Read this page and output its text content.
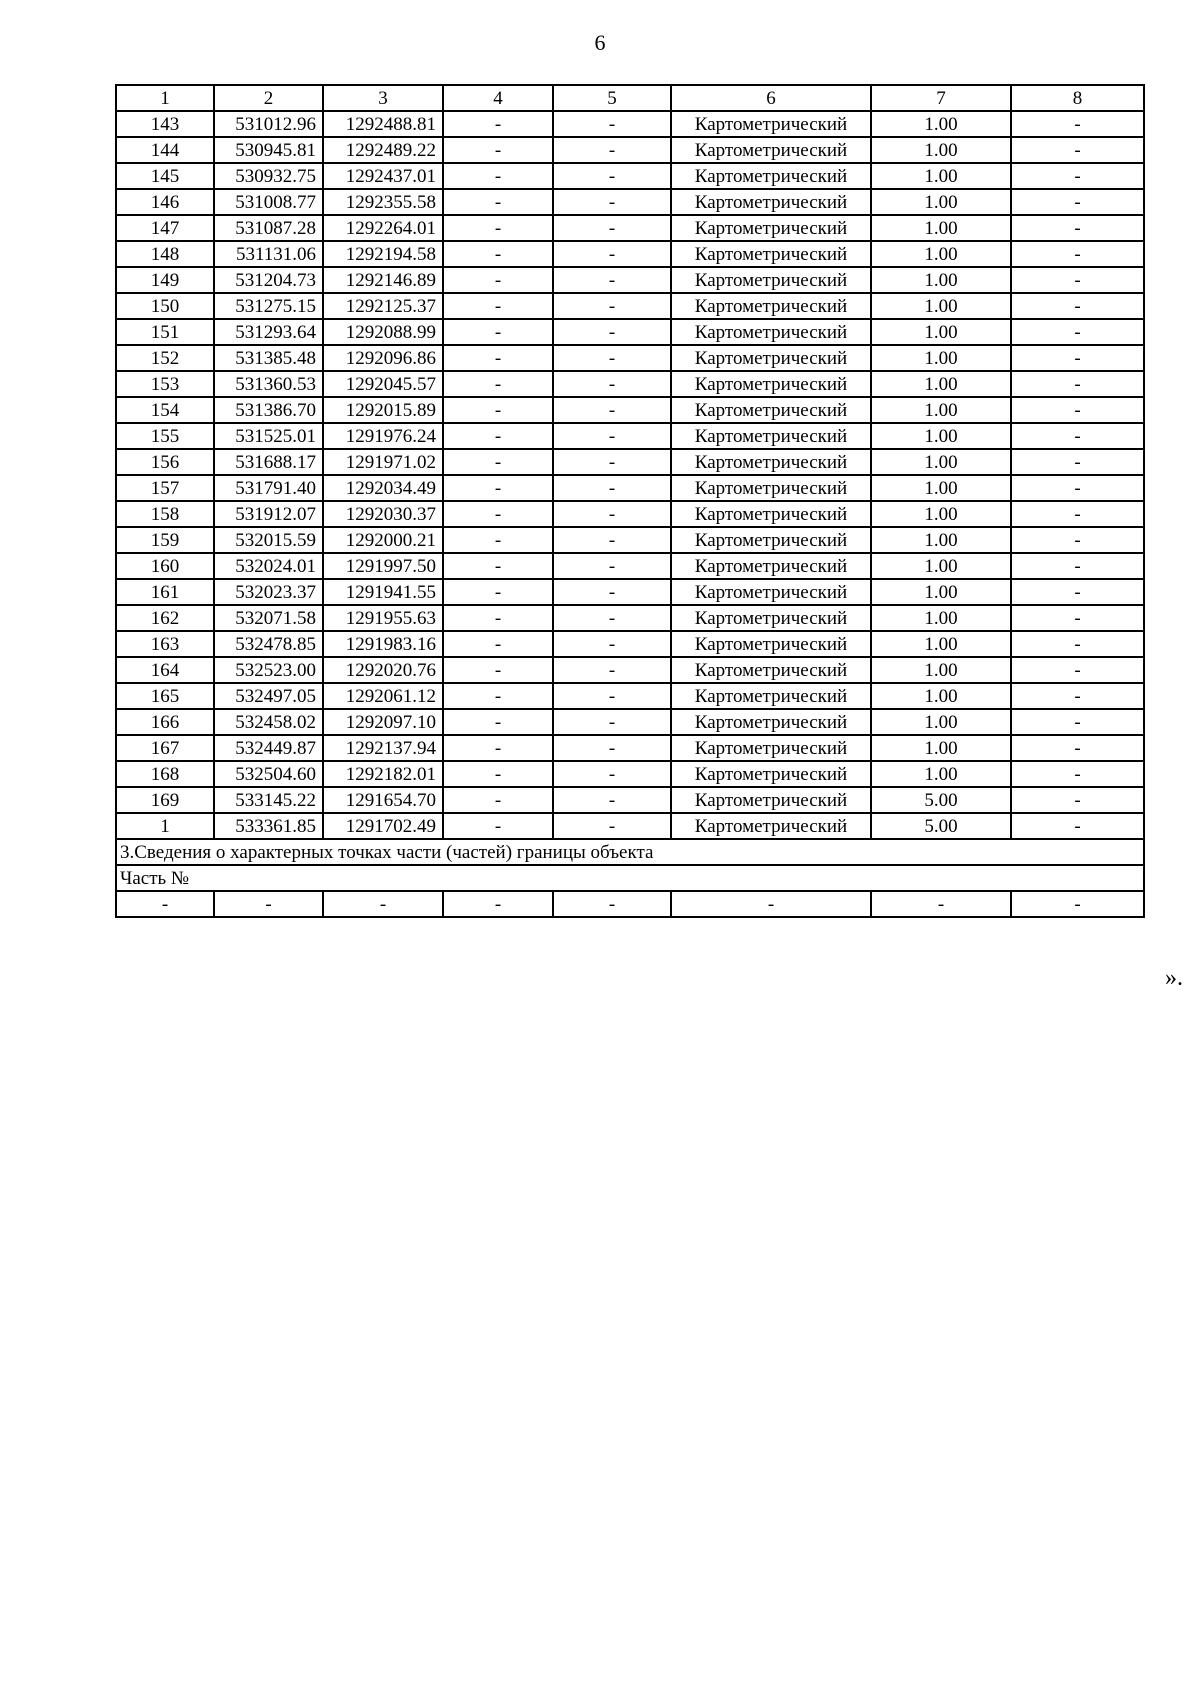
6
1	2	3	4	5	6	7	8
143	531012.96	1292488.81	-	-	Картометрический	1.00	-
144	530945.81	1292489.22	-	-	Картометрический	1.00	-
145	530932.75	1292437.01	-	-	Картометрический	1.00	-
146	531008.77	1292355.58	-	-	Картометрический	1.00	-
147	531087.28	1292264.01	-	-	Картометрический	1.00	-
148	531131.06	1292194.58	-	-	Картометрический	1.00	-
149	531204.73	1292146.89	-	-	Картометрический	1.00	-
150	531275.15	1292125.37	-	-	Картометрический	1.00	-
151	531293.64	1292088.99	-	-	Картометрический	1.00	-
152	531385.48	1292096.86	-	-	Картометрический	1.00	-
153	531360.53	1292045.57	-	-	Картометрический	1.00	-
154	531386.70	1292015.89	-	-	Картометрический	1.00	-
155	531525.01	1291976.24	-	-	Картометрический	1.00	-
156	531688.17	1291971.02	-	-	Картометрический	1.00	-
157	531791.40	1292034.49	-	-	Картометрический	1.00	-
158	531912.07	1292030.37	-	-	Картометрический	1.00	-
159	532015.59	1292000.21	-	-	Картометрический	1.00	-
160	532024.01	1291997.50	-	-	Картометрический	1.00	-
161	532023.37	1291941.55	-	-	Картометрический	1.00	-
162	532071.58	1291955.63	-	-	Картометрический	1.00	-
163	532478.85	1291983.16	-	-	Картометрический	1.00	-
164	532523.00	1292020.76	-	-	Картометрический	1.00	-
165	532497.05	1292061.12	-	-	Картометрический	1.00	-
166	532458.02	1292097.10	-	-	Картометрический	1.00	-
167	532449.87	1292137.94	-	-	Картометрический	1.00	-
168	532504.60	1292182.01	-	-	Картометрический	1.00	-
169	533145.22	1291654.70	-	-	Картометрический	5.00	-
1	533361.85	1291702.49	-	-	Картометрический	5.00	-
3.Сведения о характерных точках части (частей) границы объекта							
Часть №							
-	-	-	-	-	-	-	-
».
